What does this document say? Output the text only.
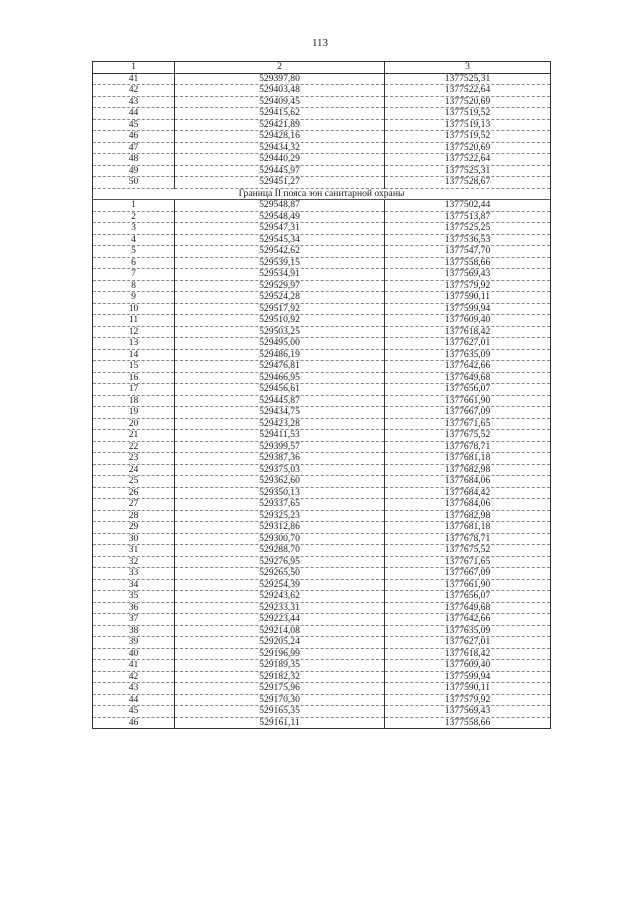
113
1	2	3
41	529397,80	1377525,31
42	529403,48	1377522,64
43	529409,45	1377520,69
44	529415,62	1377519,52
45	529421,89	1377519,13
46	529428,16	1377519,52
47	529434,32	1377520,69
48	529440,29	1377522,64
49	529445,97	1377525,31
50	529451,27	1377528,67
Граница II пояса зон санитарной охраны		
1	529548,87	1377502,44
2	529548,49	1377513,87
3	529547,31	1377525,25
4	529545,34	1377536,53
5	529542,62	1377547,70
6	529539,15	1377558,66
7	529534,91	1377569,43
8	529529,97	1377579,92
9	529524,28	1377590,11
10	529517,92	1377599,94
11	529510,92	1377609,40
12	529503,25	1377618,42
13	529495,00	1377627,01
14	529486,19	1377635,09
15	529476,81	1377642,66
16	529466,95	1377649,68
17	529456,61	1377656,07
18	529445,87	1377661,90
19	529434,75	1377667,09
20	529423,28	1377671,65
21	529411,53	1377675,52
22	529399,57	1377678,71
23	529387,36	1377681,18
24	529375,03	1377682,98
25	529362,60	1377684,06
26	529350,13	1377684,42
27	529337,65	1377684,06
28	529325,23	1377682,98
29	529312,86	1377681,18
30	529300,70	1377678,71
31	529288,70	1377675,52
32	529276,95	1377671,65
33	529265,50	1377667,09
34	529254,39	1377661,90
35	529243,62	1377656,07
36	529233,31	1377649,68
37	529223,44	1377642,66
38	529214,08	1377635,09
39	529205,24	1377627,01
40	529196,99	1377618,42
41	529189,35	1377609,40
42	529182,32	1377599,94
43	529175,96	1377590,11
44	529170,30	1377579,92
45	529165,35	1377569,43
46	529161,11	1377558,66
